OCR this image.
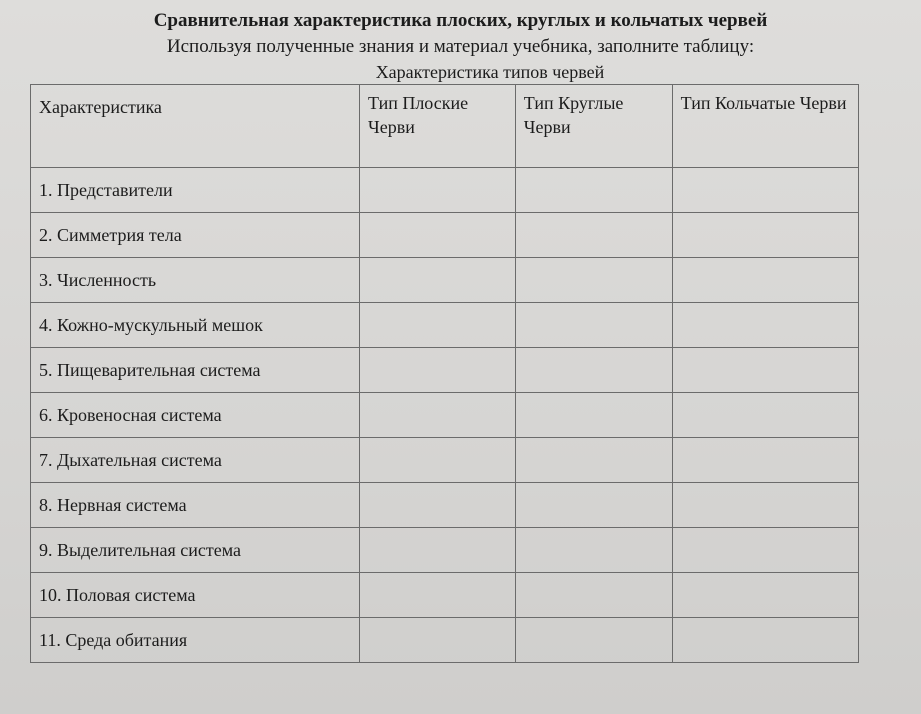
Сравнительная характеристика плоских, круглых и кольчатых червей
Используя полученные знания и материал учебника, заполните таблицу:
Характеристика типов червей
Характеристика	Тип Плоские Черви	Тип Круглые Черви	Тип Кольчатые Черви
1. Представители			
2. Симметрия тела			
3. Численность			
4. Кожно-мускульный мешок			
5. Пищеварительная система			
6. Кровеносная система			
7. Дыхательная система			
8. Нервная система			
9. Выделительная система			
10. Половая система			
11. Среда обитания			
